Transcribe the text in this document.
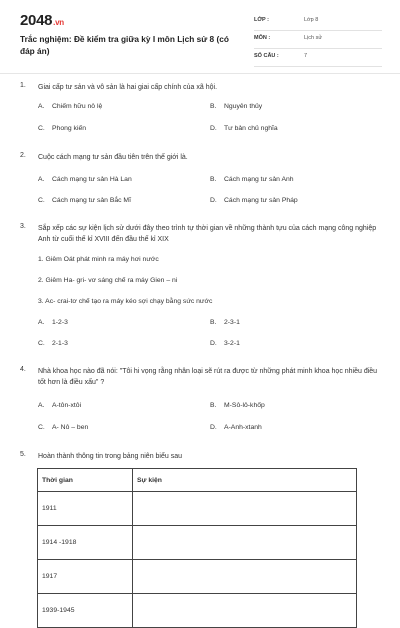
2048.vn
Trắc nghiệm: Đề kiểm tra giữa kỳ I môn Lịch sử 8 (có đáp án)
LỚP :	Lớp 8
MÔN :	Lịch sử
SỐ CÂU :	7
1. Giai cấp tư sản và vô sản là hai giai cấp chính của xã hội.
A. Chiếm hữu nô lệ	B. Nguyên thủy
C. Phong kiến	D. Tư bản chủ nghĩa
2. Cuộc cách mạng tư sản đầu tiên trên thế giới là.
A. Cách mạng tư sản Hà Lan	B. Cách mạng tư sản Anh
C. Cách mạng tư sản Bắc Mĩ	D. Cách mạng tư sản Pháp
3. Sắp xếp các sự kiện lịch sử dưới đây theo trình tự thời gian về những thành tựu của cách mạng công nghiệp Anh từ cuối thế kỉ XVIII đến đầu thế kỉ XIX
1. Giêm Oát phát minh ra máy hơi nước
2. Giêm Ha- gri- vơ sáng chế ra máy Gien – ni
3. Ac- crai-tơ chế tạo ra máy kéo sợi chạy bằng sức nước
A. 1-2-3	B. 2-3-1
C. 2-1-3	D. 3-2-1
4. Nhà khoa học nào đã nói: "Tôi hi vọng rằng nhân loại sẽ rút ra được từ những phát minh khoa học nhiều điều tốt hơn là điều xấu" ?
A. A-tôn-xtôi	B. M-Sô-lô-khốp
C. A- Nô – ben	D. A-Anh-xtanh
5. Hoàn thành thông tin trong bảng niên biểu sau
Thời gian	Sự kiện
1911	
1914 -1918	
1917	
1939-1945	
